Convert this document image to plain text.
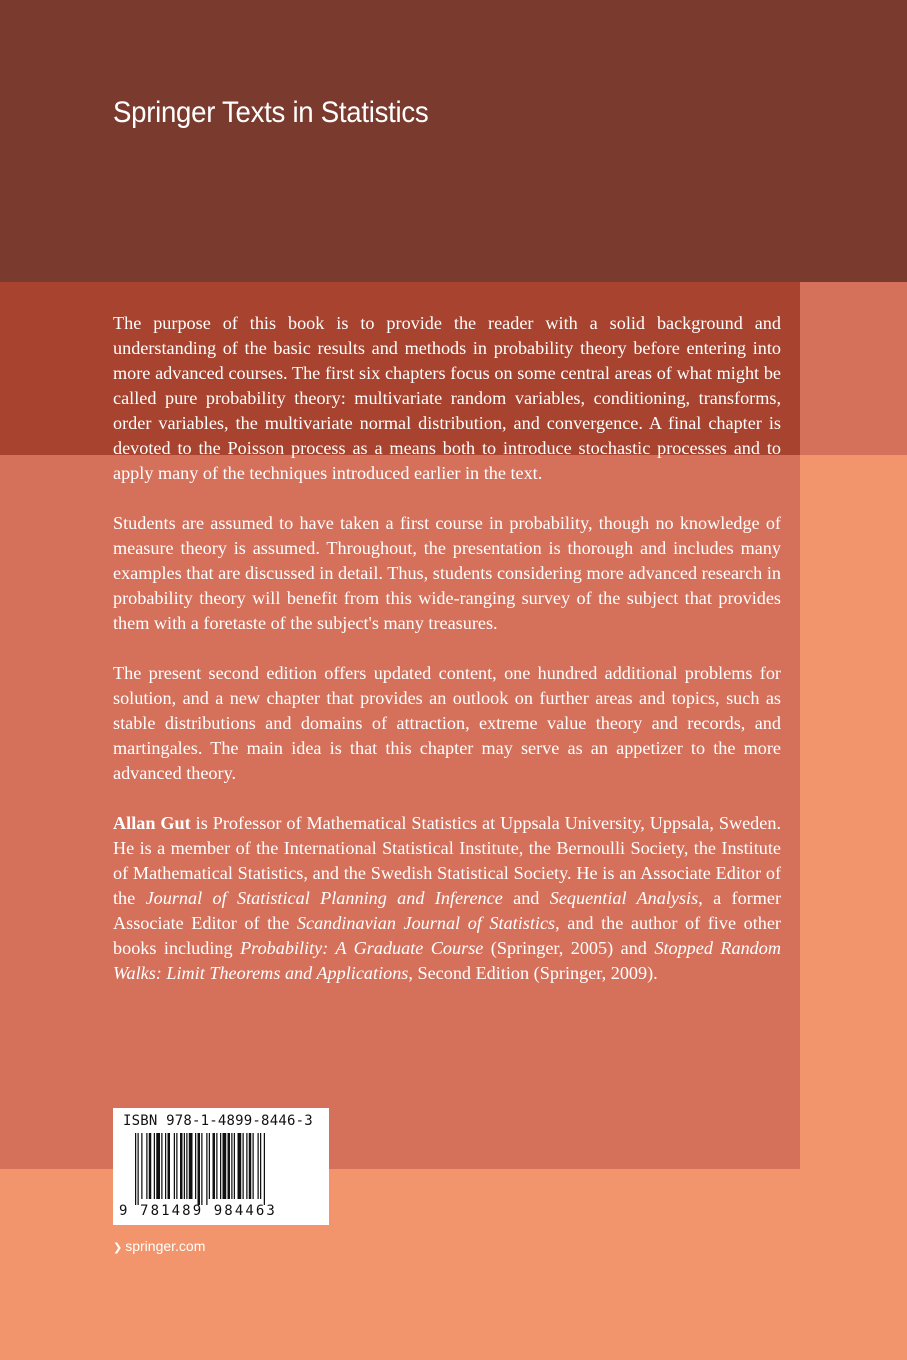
Springer Texts in Statistics

The purpose of this book is to provide the reader with a solid background and understanding of the basic results and methods in probability theory before entering into more advanced courses. The first six chapters focus on some central areas of what might be called pure probability theory: multivariate random variables, conditioning, transforms, order variables, the multivariate normal distribution, and convergence. A final chapter is devoted to the Poisson process as a means both to introduce stochastic processes and to apply many of the techniques introduced earlier in the text.

Students are assumed to have taken a first course in probability, though no knowledge of measure theory is assumed. Throughout, the presentation is thorough and includes many examples that are discussed in detail. Thus, students considering more advanced research in probability theory will benefit from this wide-ranging survey of the subject that provides them with a foretaste of the subject's many treasures.

The present second edition offers updated content, one hundred additional problems for solution, and a new chapter that provides an outlook on further areas and topics, such as stable distributions and domains of attraction, extreme value theory and records, and martingales. The main idea is that this chapter may serve as an appetizer to the more advanced theory.

Allan Gut is Professor of Mathematical Statistics at Uppsala University, Uppsala, Sweden. He is a member of the International Statistical Institute, the Bernoulli Society, the Institute of Mathematical Statistics, and the Swedish Statistical Society. He is an Associate Editor of the Journal of Statistical Planning and Inference and Sequential Analysis, a former Associate Editor of the Scandinavian Journal of Statistics, and the author of five other books including Probability: A Graduate Course (Springer, 2005) and Stopped Random Walks: Limit Theorems and Applications, Second Edition (Springer, 2009).

ISBN 978-1-4899-8446-3
9 781489 984463
❯ springer.com
